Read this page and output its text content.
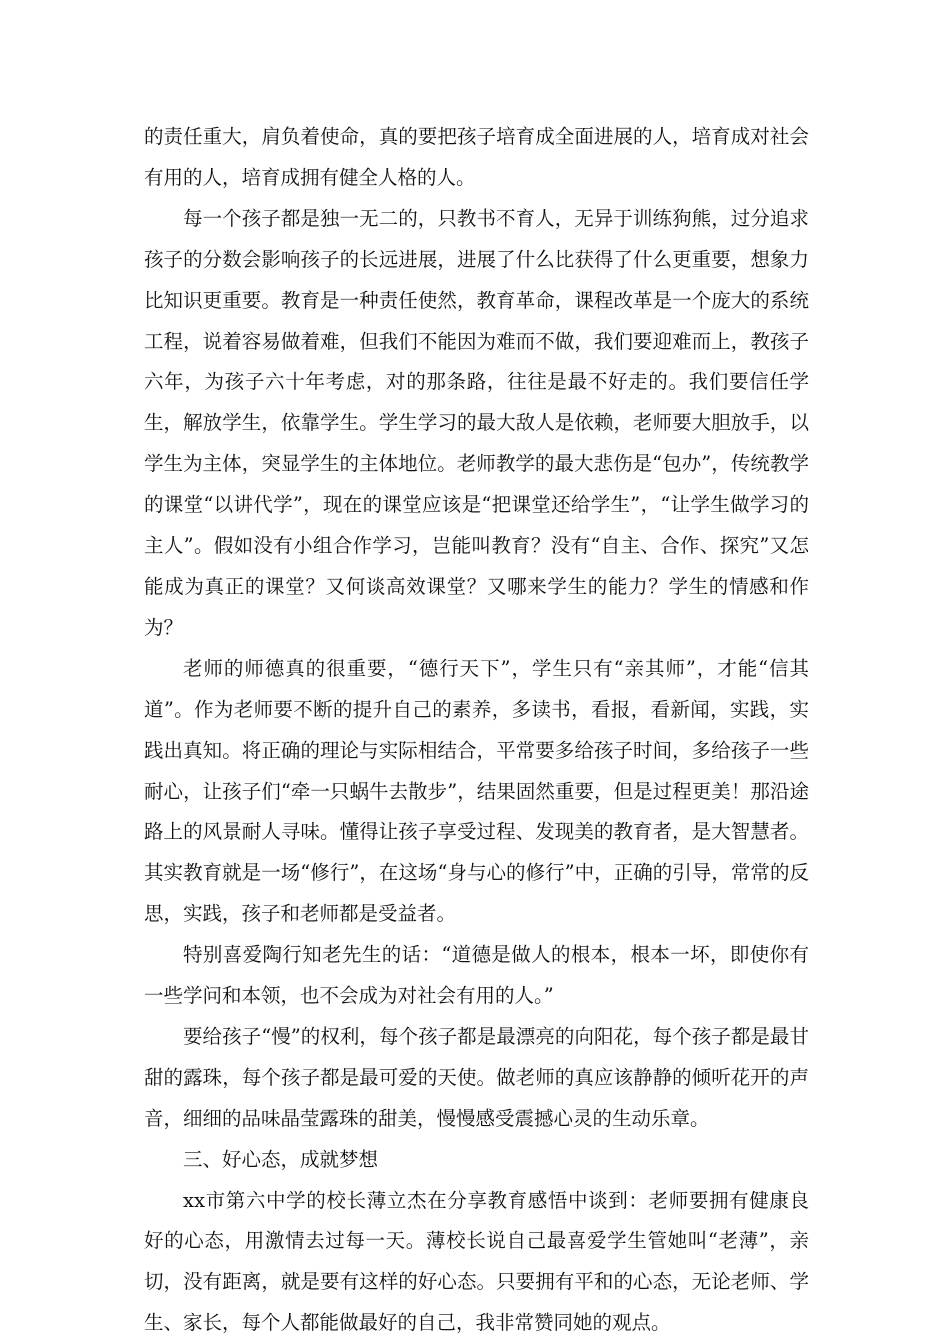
的责任重大，肩负着使命，真的要把孩子培育成全面进展的人，培育成对社会有用的人，培育成拥有健全人格的人。

每一个孩子都是独一无二的，只教书不育人，无异于训练狗熊，过分追求孩子的分数会影响孩子的长远进展，进展了什么比获得了什么更重要，想象力比知识更重要。教育是一种责任使然，教育革命，课程改革是一个庞大的系统工程，说着容易做着难，但我们不能因为难而不做，我们要迎难而上，教孩子六年，为孩子六十年考虑，对的那条路，往往是最不好走的。我们要信任学生，解放学生，依靠学生。学生学习的最大敌人是依赖，老师要大胆放手，以学生为主体，突显学生的主体地位。老师教学的最大悲伤是“包办”，传统教学的课堂“以讲代学”，现在的课堂应该是“把课堂还给学生”，“让学生做学习的主人”。假如没有小组合作学习，岂能叫教育？没有“自主、合作、探究”又怎能成为真正的课堂？又何谈高效课堂？又哪来学生的能力？学生的情感和作为？

老师的师德真的很重要，“德行天下”，学生只有“亲其师”，才能“信其道”。作为老师要不断的提升自己的素养，多读书，看报，看新闻，实践，实践出真知。将正确的理论与实际相结合，平常要多给孩子时间，多给孩子一些耐心，让孩子们“牵一只蜗牛去散步”，结果固然重要，但是过程更美！那沿途路上的风景耐人寻味。懂得让孩子享受过程、发现美的教育者，是大智慧者。其实教育就是一场“修行”，在这场“身与心的修行”中，正确的引导，常常的反思，实践，孩子和老师都是受益者。

特别喜爱陶行知老先生的话：“道德是做人的根本，根本一坏，即使你有一些学问和本领，也不会成为对社会有用的人。”

要给孩子“慢”的权利，每个孩子都是最漂亮的向阳花，每个孩子都是最甘甜的露珠，每个孩子都是最可爱的天使。做老师的真应该静静的倾听花开的声音，细细的品味晶莹露珠的甜美，慢慢感受震撼心灵的生动乐章。

三、好心态，成就梦想

xx市第六中学的校长薄立杰在分享教育感悟中谈到：老师要拥有健康良好的心态，用激情去过每一天。薄校长说自己最喜爱学生管她叫“老薄”，亲切，没有距离，就是要有这样的好心态。只要拥有平和的心态，无论老师、学生、家长，每个人都能做最好的自己，我非常赞同她的观点。
